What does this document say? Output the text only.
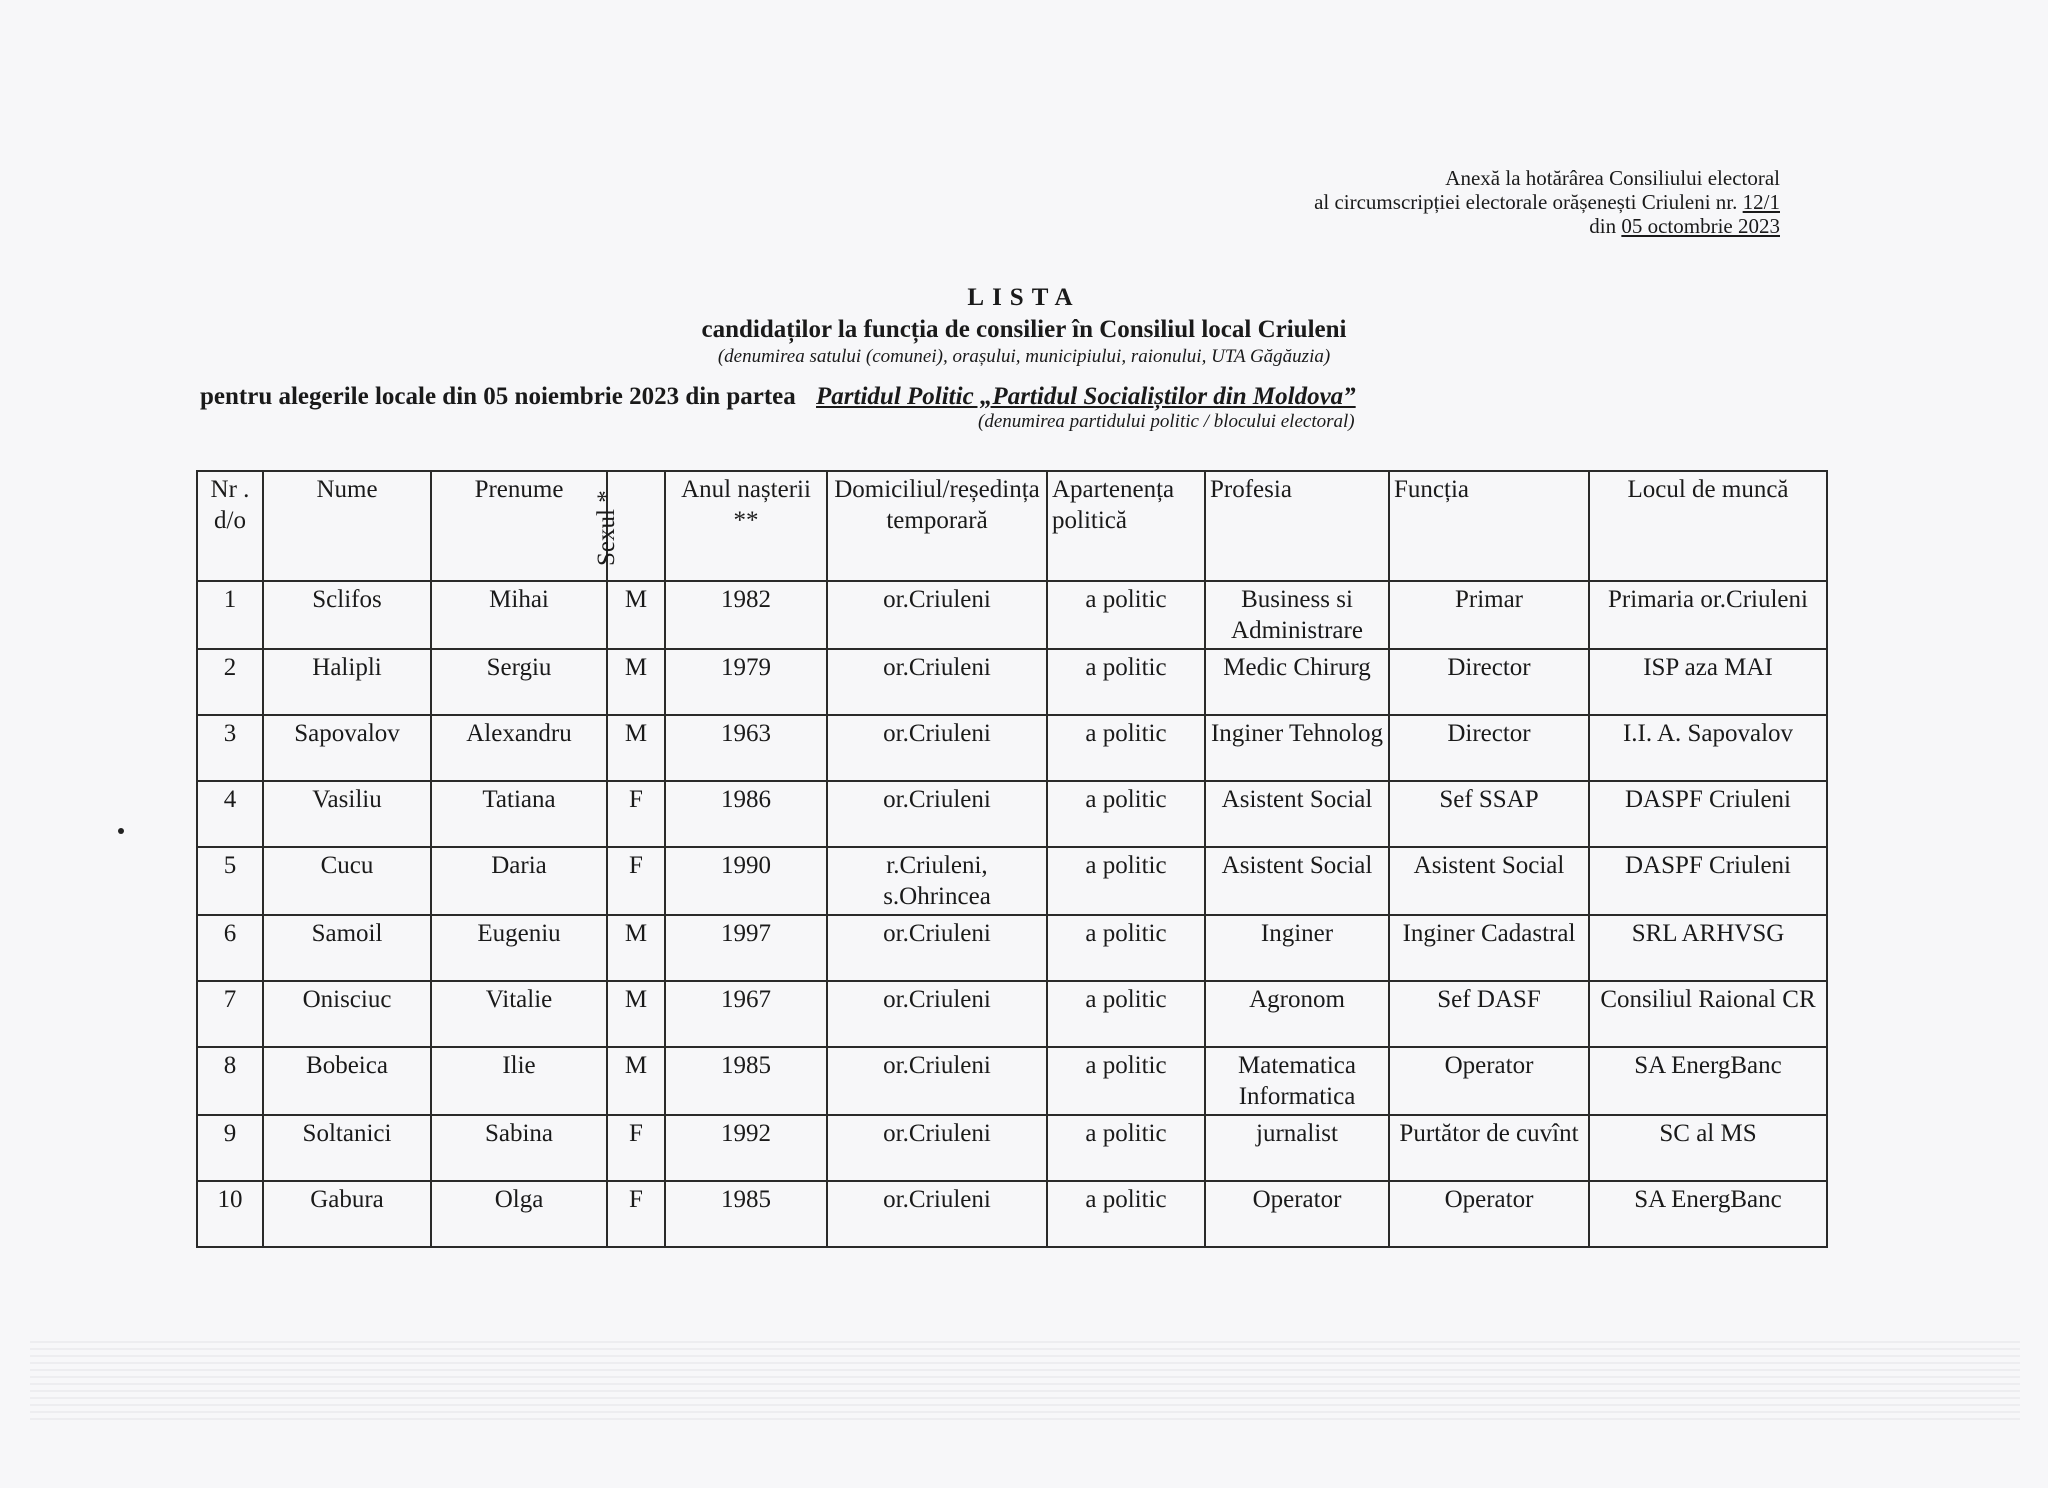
Anexă la hotărârea Consiliului electoral
al circumscripției electorale orășenești Criuleni nr. 12/1
din 05 octombrie 2023
LISTA
candidaților la funcția de consilier în Consiliul local Criuleni
(denumirea satului (comunei), orașului, municipiului, raionului, UTA Găgăuzia)
pentru alegerile locale din 05 noiembrie 2023 din partea Partidul Politic „Partidul Socialiștilor din Moldova”
(denumirea partidului politic / blocului electoral)
Nr . d/o	Nume	Prenume	Sexul *	Anul nașterii **	Domiciliul/reședința temporară	Apartenența politică	Profesia	Funcția	Locul de muncă
1	Sclifos	Mihai	M	1982	or.Criuleni	a politic	Business si Administrare	Primar	Primaria or.Criuleni
2	Halipli	Sergiu	M	1979	or.Criuleni	a politic	Medic Chirurg	Director	ISP aza MAI
3	Sapovalov	Alexandru	M	1963	or.Criuleni	a politic	Inginer Tehnolog	Director	I.I. A. Sapovalov
4	Vasiliu	Tatiana	F	1986	or.Criuleni	a politic	Asistent Social	Sef SSAP	DASPF Criuleni
5	Cucu	Daria	F	1990	r.Criuleni, s.Ohrincea	a politic	Asistent Social	Asistent Social	DASPF Criuleni
6	Samoil	Eugeniu	M	1997	or.Criuleni	a politic	Inginer	Inginer Cadastral	SRL ARHVSG
7	Onisciuc	Vitalie	M	1967	or.Criuleni	a politic	Agronom	Sef DASF	Consiliul Raional CR
8	Bobeica	Ilie	M	1985	or.Criuleni	a politic	Matematica Informatica	Operator	SA EnergBanc
9	Soltanici	Sabina	F	1992	or.Criuleni	a politic	jurnalist	Purtător de cuvînt	SC al MS
10	Gabura	Olga	F	1985	or.Criuleni	a politic	Operator	Operator	SA EnergBanc
